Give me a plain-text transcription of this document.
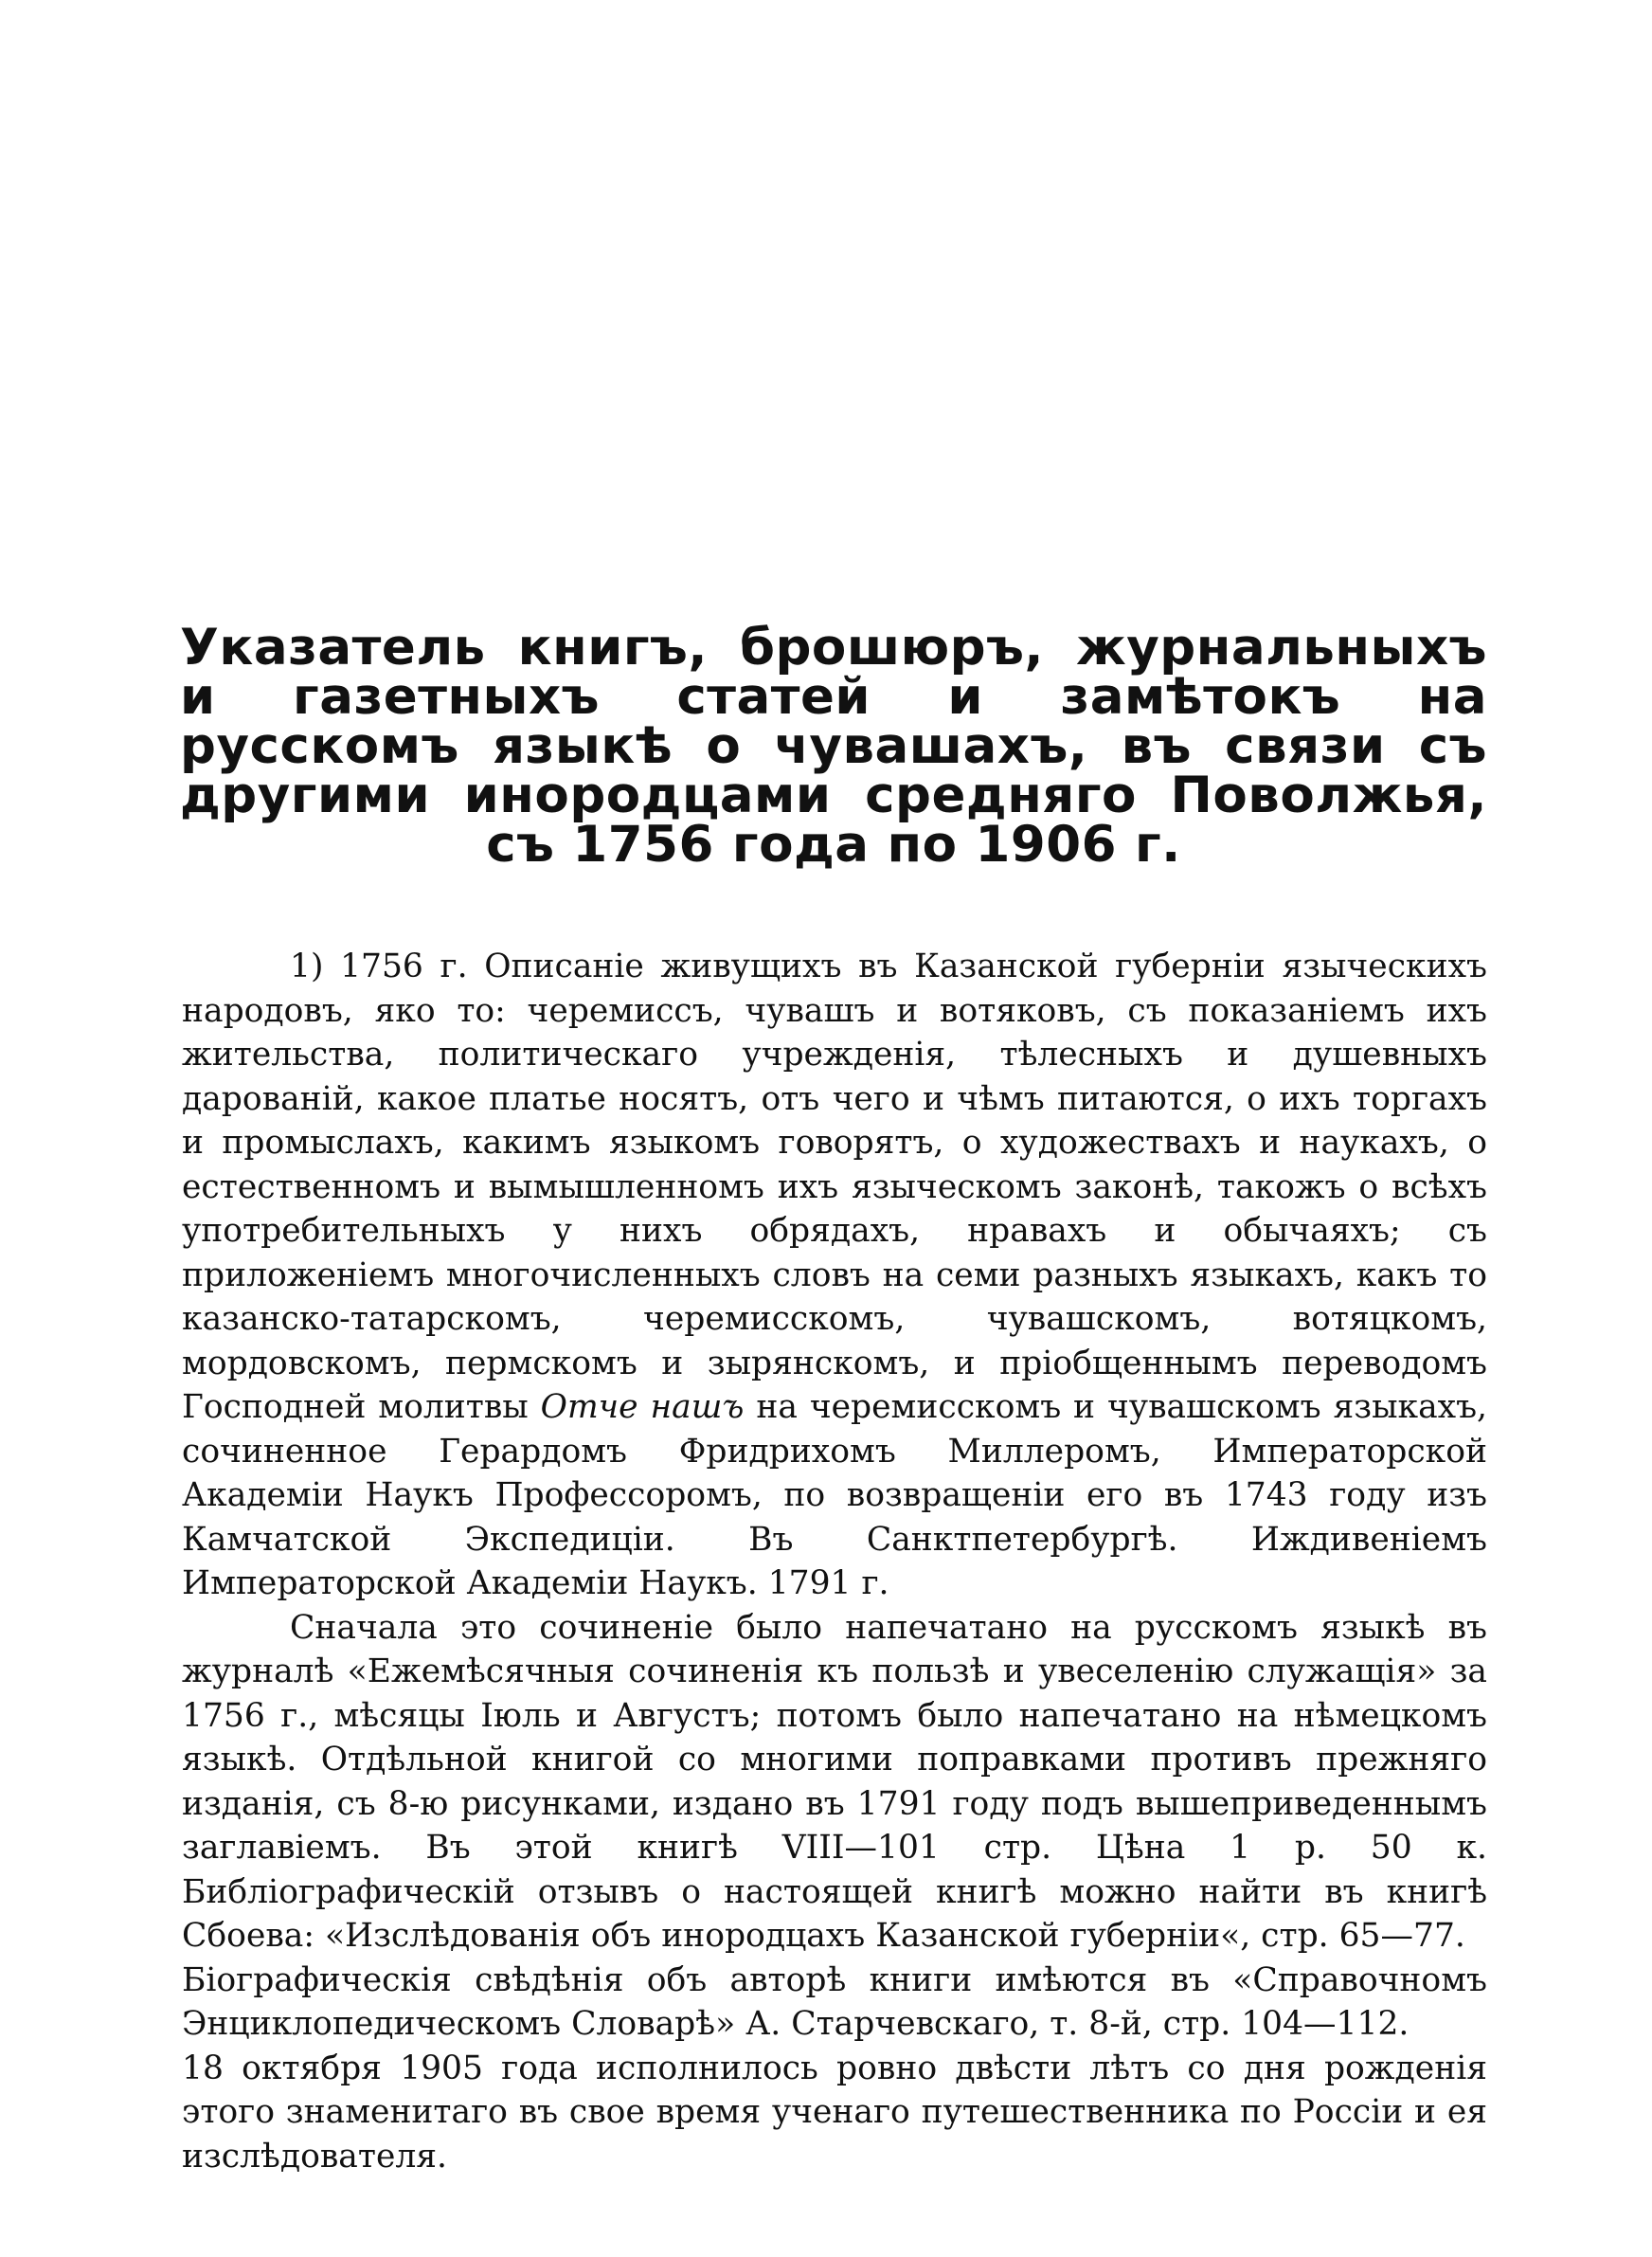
Указатель книгъ, брошюръ, журнальныхъ и газетныхъ статей и замѣтокъ на русскомъ языкѣ о чувашахъ, въ связи съ другими инородцами средняго Поволжья, съ 1756 года по 1906 г.

1) 1756 г. Описаніе живущихъ въ Казанской губерніи языческихъ народовъ, яко то: черемиссъ, чувашъ и вотяковъ, съ показаніемъ ихъ жительства, политическаго учрежденія, тѣлесныхъ и душевныхъ дарованій, какое платье носятъ, отъ чего и чѣмъ питаются, о ихъ торгахъ и промыслахъ, какимъ языкомъ говорятъ, о художествахъ и наукахъ, о естественномъ и вымышленномъ ихъ языческомъ законѣ, такожъ о всѣхъ употребительныхъ у нихъ обрядахъ, нравахъ и обычаяхъ; съ приложеніемъ многочисленныхъ словъ на семи разныхъ языкахъ, какъ то казанско-татарскомъ, черемисскомъ, чувашскомъ, вотяцкомъ, мордовскомъ, пермскомъ и зырянскомъ, и пріобщеннымъ переводомъ Господней молитвы Отче нашъ на черемисскомъ и чувашскомъ языкахъ, сочиненное Герардомъ Фридрихомъ Миллеромъ, Императорской Академіи Наукъ Профессоромъ, по возвращеніи его въ 1743 году изъ Камчатской Экспедиціи. Въ Санктпетербургѣ. Иждивеніемъ Императорской Академіи Наукъ. 1791 г.

Сначала это сочиненіе было напечатано на русскомъ языкѣ въ журналѣ «Ежемѣсячныя сочиненія къ пользѣ и увеселенію служащія» за 1756 г., мѣсяцы Іюль и Августъ; потомъ было напечатано на нѣмецкомъ языкѣ. Отдѣльной книгой со многими поправками противъ прежняго изданія, съ 8-ю рисунками, издано въ 1791 году подъ вышеприведеннымъ заглавіемъ. Въ этой книгѣ VIII—101 стр. Цѣна 1 р. 50 к. Библіографическій отзывъ о настоящей книгѣ можно найти въ книгѣ Сбоева: «Изслѣдованія объ инородцахъ Казанской губерніи«, стр. 65—77.

Біографическія свѣдѣнія объ авторѣ книги имѣются въ «Справочномъ Энциклопедическомъ Словарѣ» А. Старчевскаго, т. 8-й, стр. 104—112.

18 октября 1905 года исполнилось ровно двѣсти лѣтъ со дня рожденія этого знаменитаго въ свое время ученаго путешественника по Россіи и ея изслѣдователя.
